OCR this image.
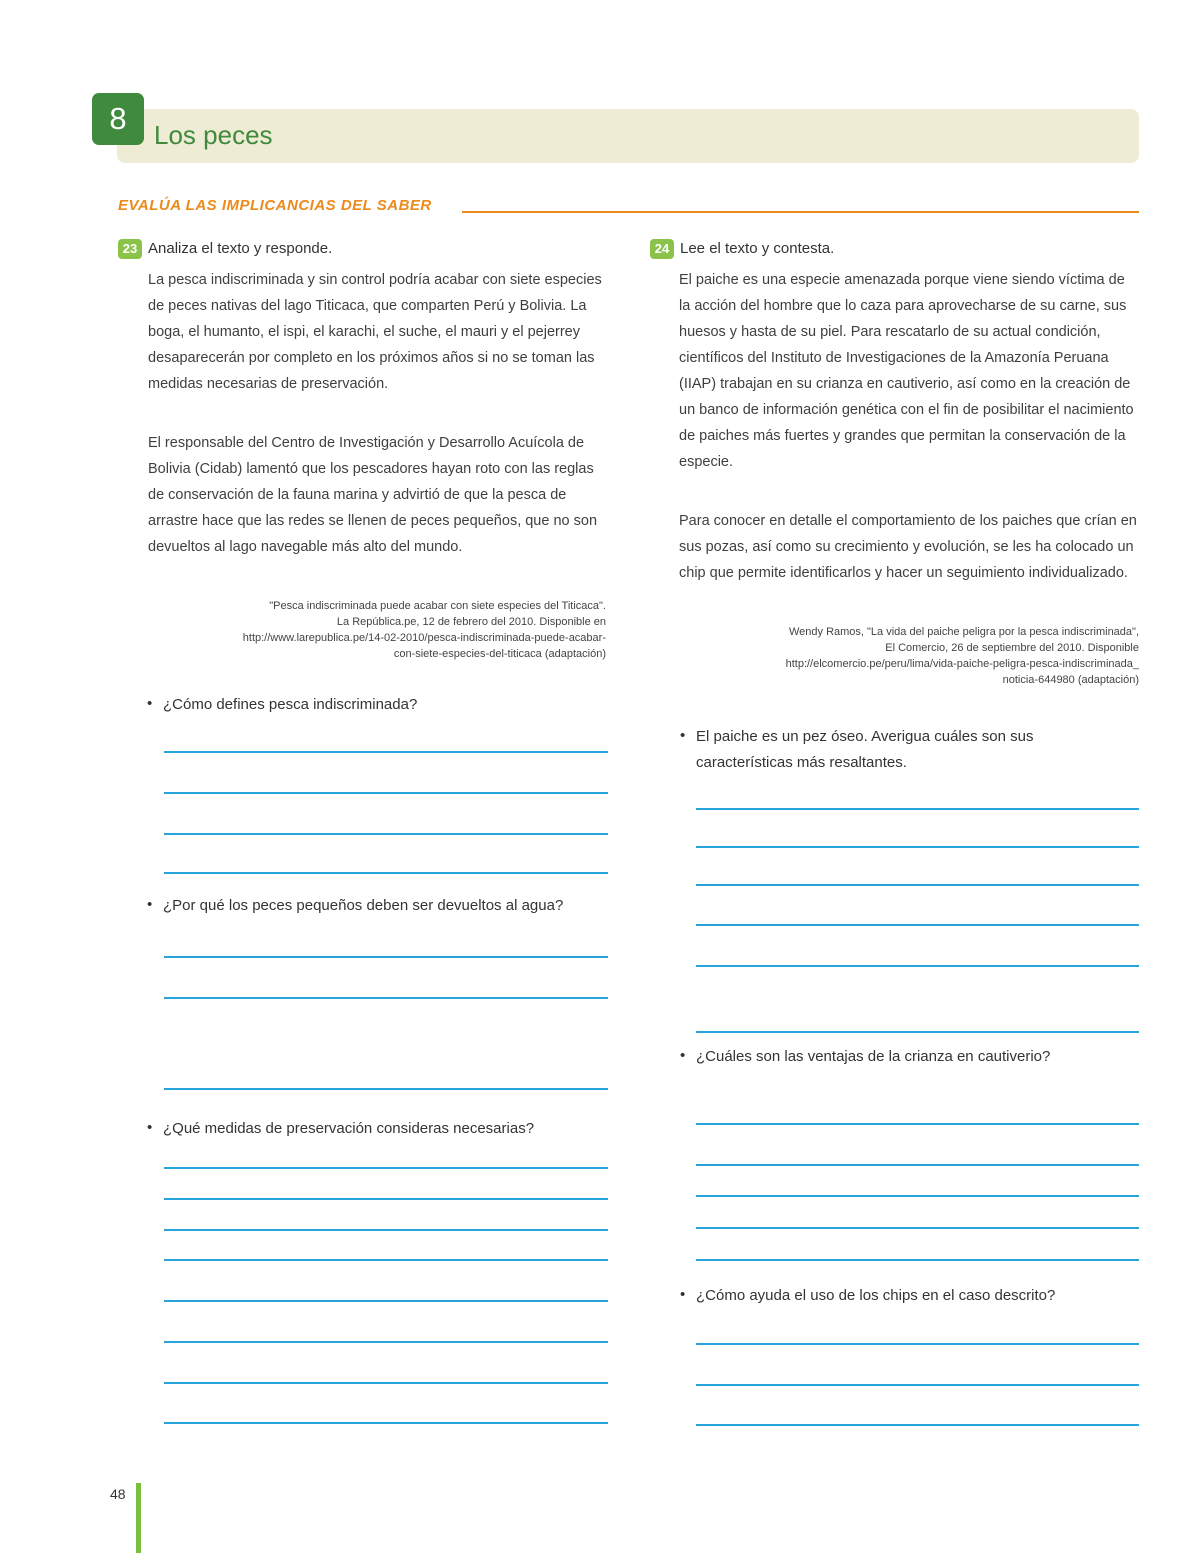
8	Los peces
EVALÚA LAS IMPLICANCIAS DEL SABER
23 Analiza el texto y responde.

La pesca indiscriminada y sin control podría acabar con siete especies de peces nativas del lago Titicaca, que comparten Perú y Bolivia. La boga, el humanto, el ispi, el karachi, el suche, el mauri y el pejerrey desaparecerán por completo en los próximos años si no se toman las medidas necesarias de preservación.

El responsable del Centro de Investigación y Desarrollo Acuícola de Bolivia (Cidab) lamentó que los pescadores hayan roto con las reglas de conservación de la fauna marina y advirtió de que la pesca de arrastre hace que las redes se llenen de peces pequeños, que no son devueltos al lago navegable más alto del mundo.

"Pesca indiscriminada puede acabar con siete especies del Titicaca".
La República.pe, 12 de febrero del 2010. Disponible en
http://www.larepublica.pe/14-02-2010/pesca-indiscriminada-puede-acabar-
con-siete-especies-del-titicaca (adaptación)
• ¿Cómo defines pesca indiscriminada?
• ¿Por qué los peces pequeños deben ser devueltos al agua?
• ¿Qué medidas de preservación consideras necesarias?
24 Lee el texto y contesta.

El paiche es una especie amenazada porque viene siendo víctima de la acción del hombre que lo caza para aprovecharse de su carne, sus huesos y hasta de su piel. Para rescatarlo de su actual condición, científicos del Instituto de Investigaciones de la Amazonía Peruana (IIAP) trabajan en su crianza en cautiverio, así como en la creación de un banco de información genética con el fin de posibilitar el nacimiento de paiches más fuertes y grandes que permitan la conservación de la especie.

Para conocer en detalle el comportamiento de los paiches que crían en sus pozas, así como su crecimiento y evolución, se les ha colocado un chip que permite identificarlos y hacer un seguimiento individualizado.

Wendy Ramos, "La vida del paiche peligra por la pesca indiscriminada",
El Comercio, 26 de septiembre del 2010. Disponible
http://elcomercio.pe/peru/lima/vida-paiche-peligra-pesca-indiscriminada_
noticia-644980 (adaptación)
• El paiche es un pez óseo. Averigua cuáles son sus características más resaltantes.
• ¿Cuáles son las ventajas de la crianza en cautiverio?
• ¿Cómo ayuda el uso de los chips en el caso descrito?
48
